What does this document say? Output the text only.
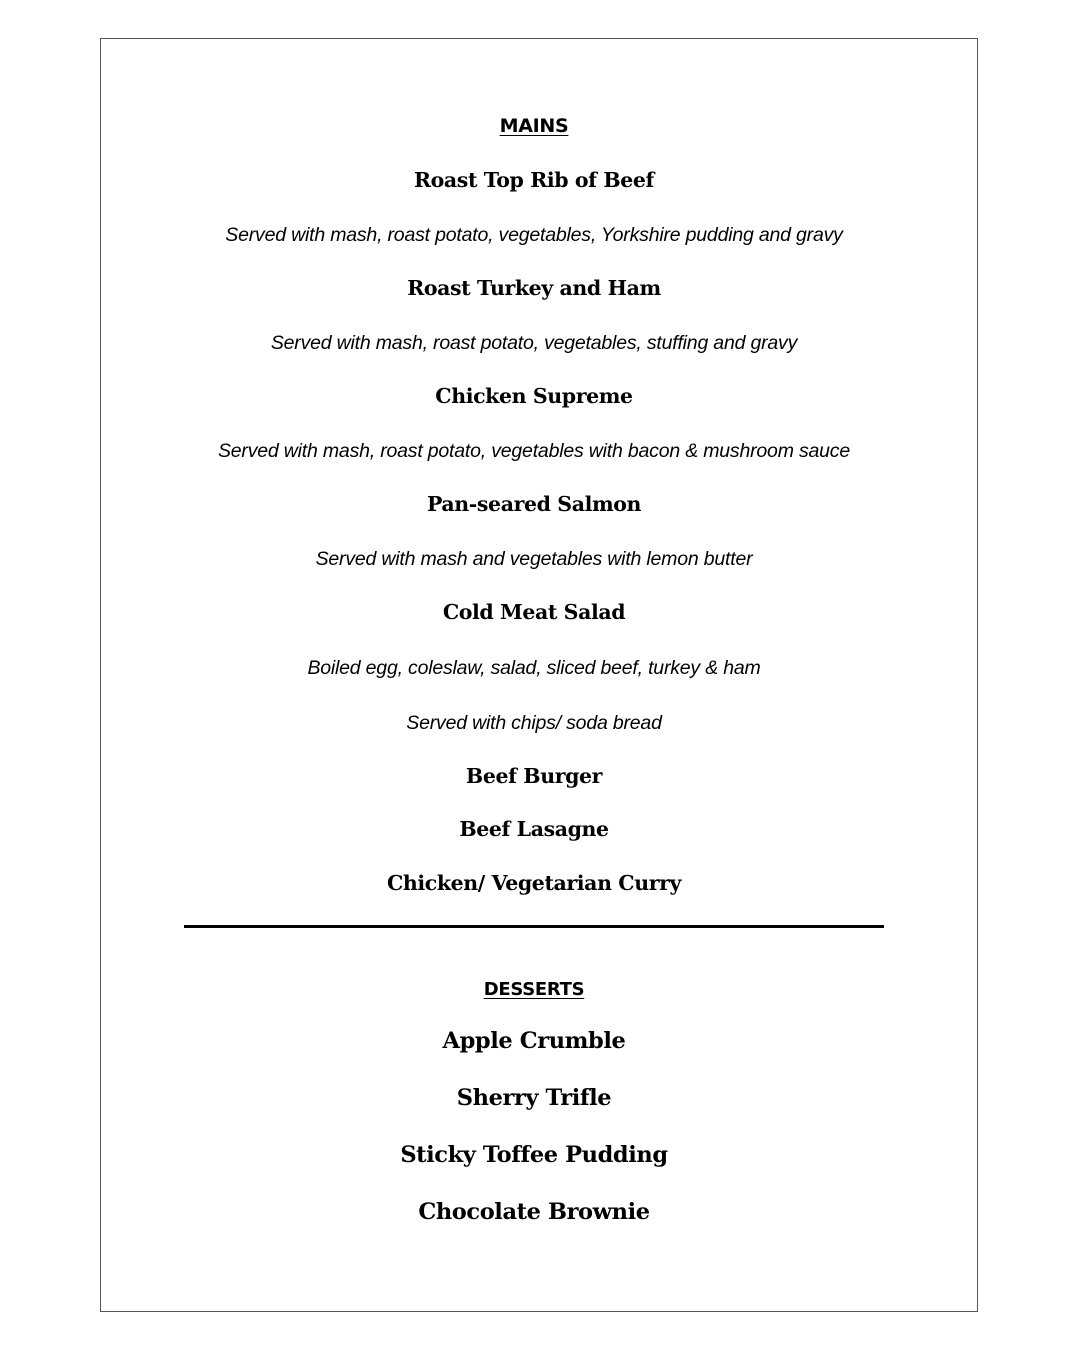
MAINS
Roast Top Rib of Beef
Served with mash, roast potato, vegetables, Yorkshire pudding and gravy
Roast Turkey and Ham
Served with mash, roast potato, vegetables, stuffing and gravy
Chicken Supreme
Served with mash, roast potato, vegetables with bacon & mushroom sauce
Pan-seared Salmon
Served with mash and vegetables with lemon butter
Cold Meat Salad
Boiled egg, coleslaw, salad, sliced beef, turkey & ham
Served with chips/ soda bread
Beef Burger
Beef Lasagne
Chicken/ Vegetarian Curry
DESSERTS
Apple Crumble
Sherry Trifle
Sticky Toffee Pudding
Chocolate Brownie
